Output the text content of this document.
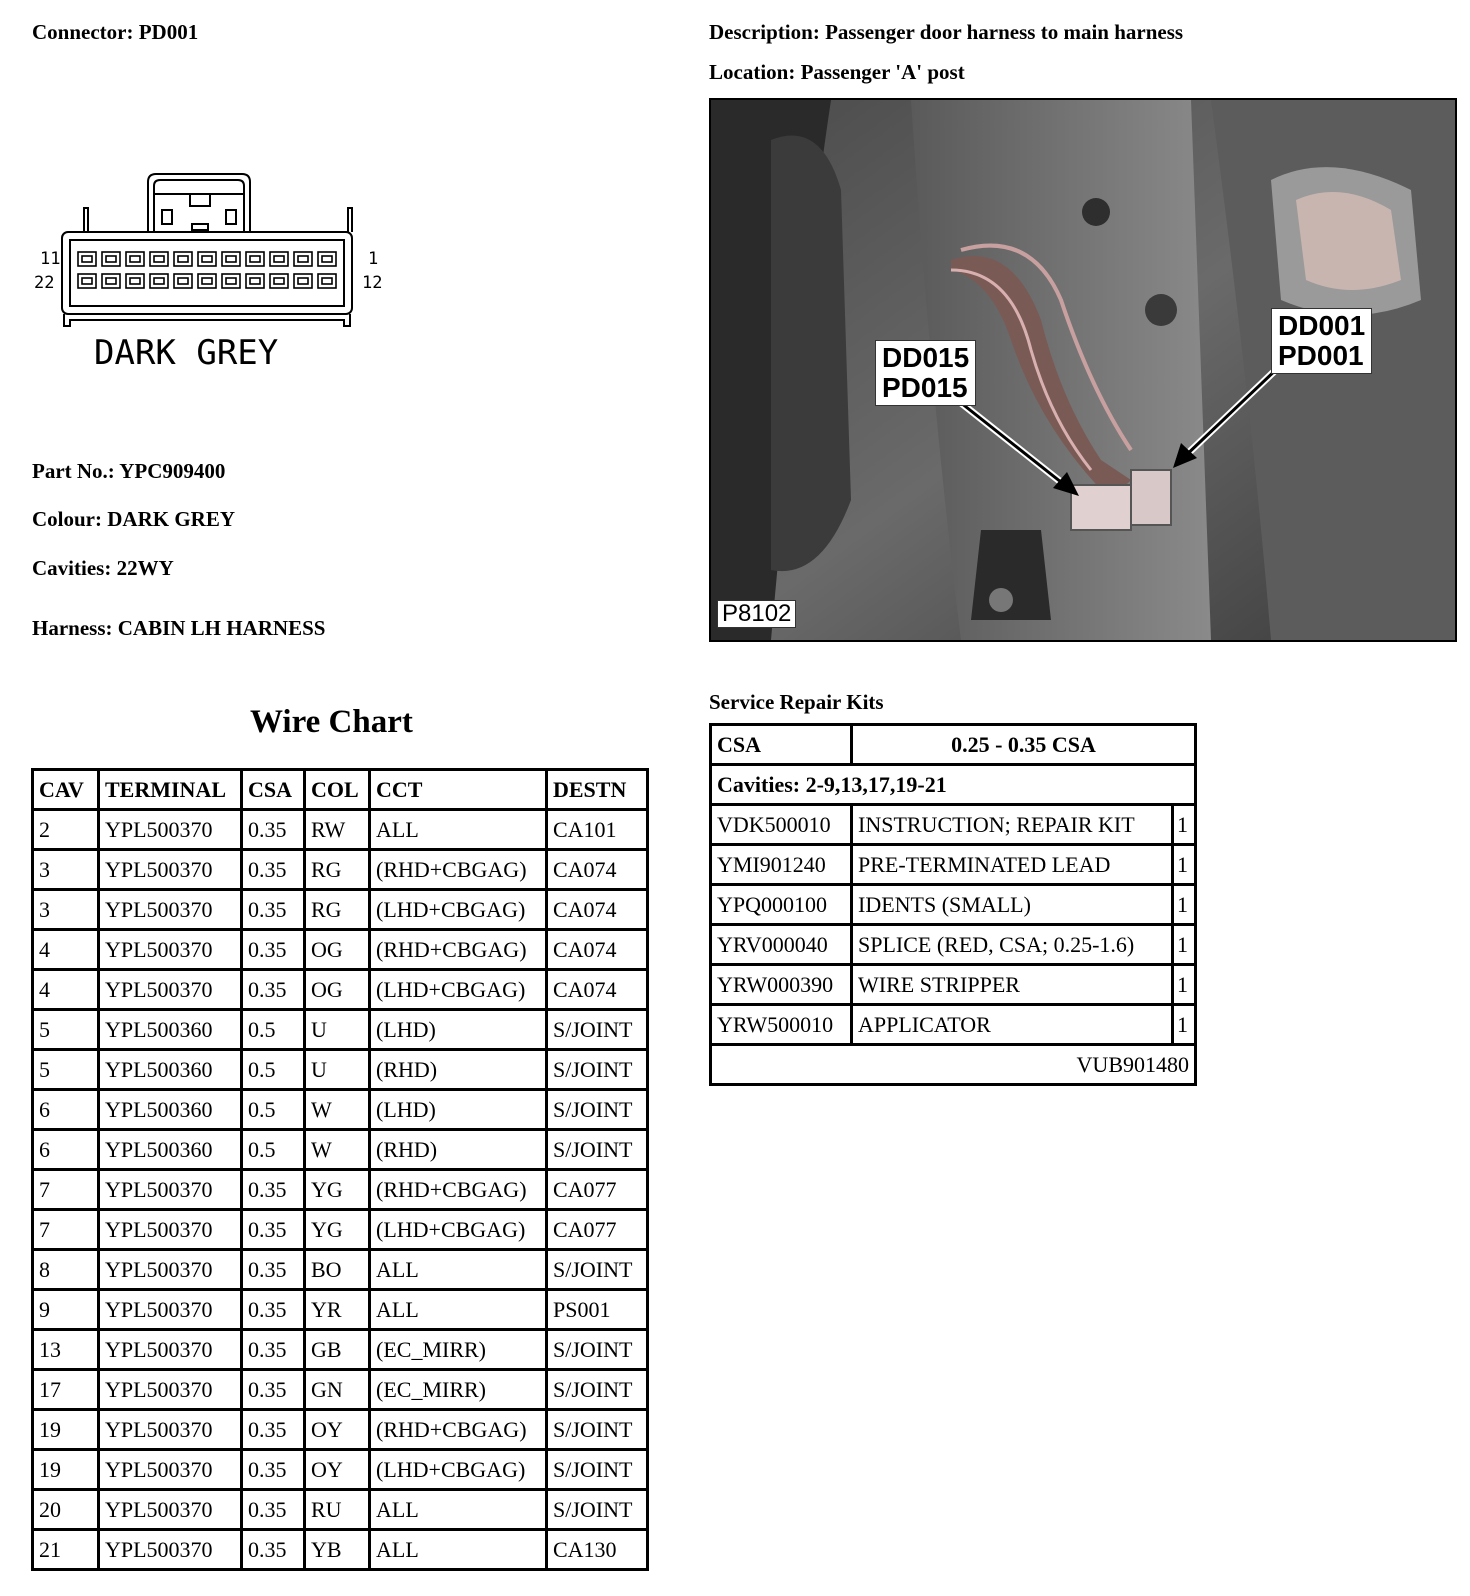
Connector: PD001	Description: Passenger door harness to main harness
Location: Passenger 'A' post
11
22
1
12
DARK GREY
Part No.: YPC909400
Colour: DARK GREY
Cavities: 22WY
Harness: CABIN LH HARNESS
DD015
PD015
DD001
PD001
P8102
Wire Chart
CAV	TERMINAL	CSA	COL	CCT	DESTN
2	YPL500370	0.35	RW	ALL	CA101
3	YPL500370	0.35	RG	(RHD+CBGAG)	CA074
3	YPL500370	0.35	RG	(LHD+CBGAG)	CA074
4	YPL500370	0.35	OG	(RHD+CBGAG)	CA074
4	YPL500370	0.35	OG	(LHD+CBGAG)	CA074
5	YPL500360	0.5	U	(LHD)	S/JOINT
5	YPL500360	0.5	U	(RHD)	S/JOINT
6	YPL500360	0.5	W	(LHD)	S/JOINT
6	YPL500360	0.5	W	(RHD)	S/JOINT
7	YPL500370	0.35	YG	(RHD+CBGAG)	CA077
7	YPL500370	0.35	YG	(LHD+CBGAG)	CA077
8	YPL500370	0.35	BO	ALL	S/JOINT
9	YPL500370	0.35	YR	ALL	PS001
13	YPL500370	0.35	GB	(EC_MIRR)	S/JOINT
17	YPL500370	0.35	GN	(EC_MIRR)	S/JOINT
19	YPL500370	0.35	OY	(RHD+CBGAG)	S/JOINT
19	YPL500370	0.35	OY	(LHD+CBGAG)	S/JOINT
20	YPL500370	0.35	RU	ALL	S/JOINT
21	YPL500370	0.35	YB	ALL	CA130
Service Repair Kits
CSA	0.25 - 0.35 CSA	
Cavities: 2-9,13,17,19-21		
VDK500010	INSTRUCTION; REPAIR KIT	1
YMI901240	PRE-TERMINATED LEAD	1
YPQ000100	IDENTS (SMALL)	1
YRV000040	SPLICE (RED, CSA; 0.25-1.6)	1
YRW000390	WIRE STRIPPER	1
YRW500010	APPLICATOR	1
VUB901480		
